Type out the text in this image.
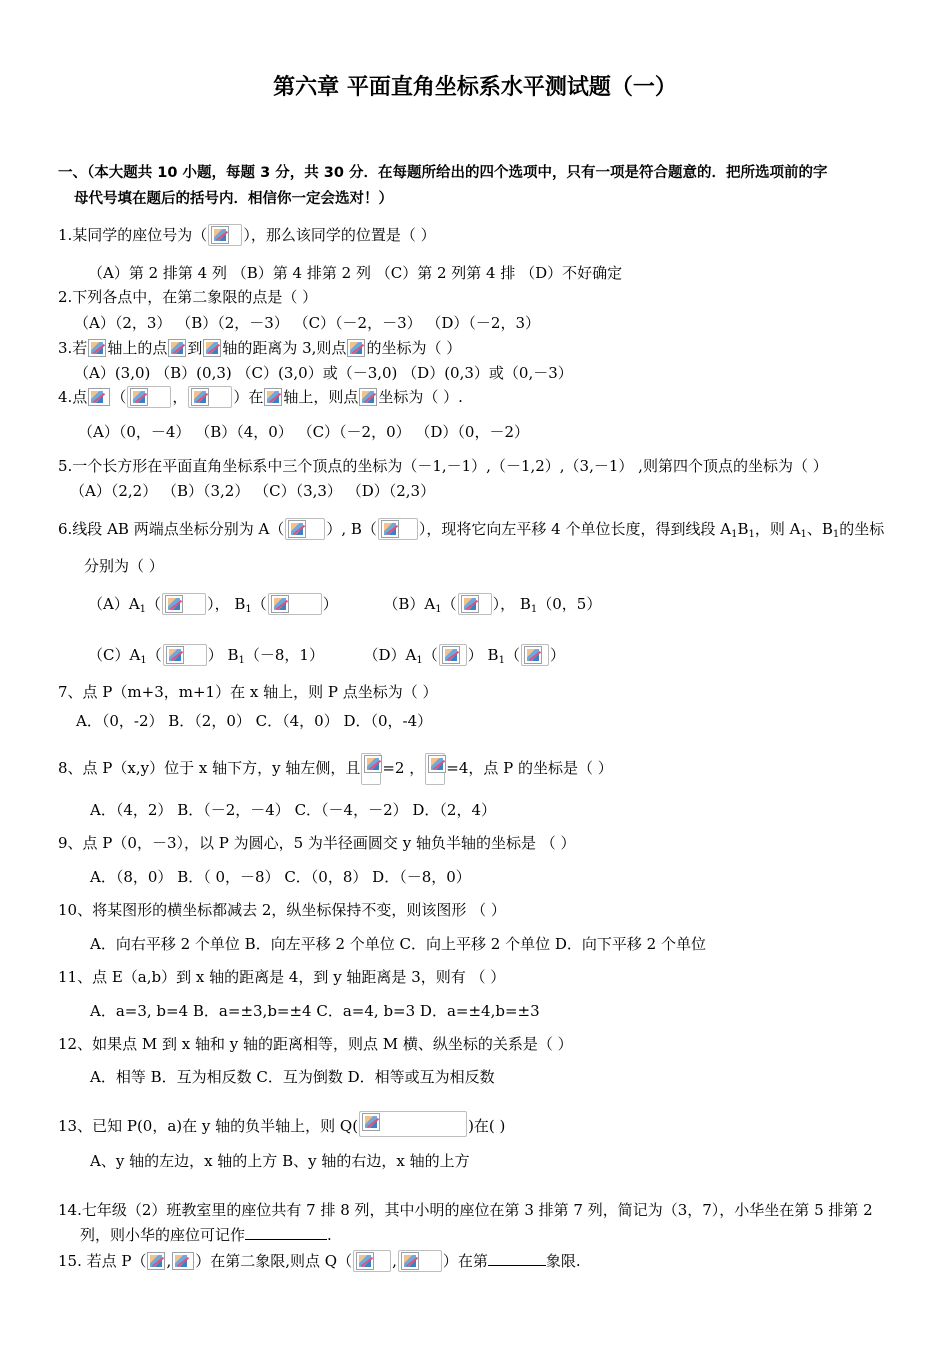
第六章 平面直角坐标系水平测试题（一）
一、（本大题共 10 小题，每题 3 分，共 30 分．在每题所给出的四个选项中，只有一项是符合题意的．把所选项前的字
母代号填在题后的括号内．相信你一定会选对！）
1.某同学的座位号为（ ），那么该同学的位置是（ ）
（A）第 2 排第 4 列 （B）第 4 排第 2 列 （C）第 2 列第 4 排 （D）不好确定
2.下列各点中，在第二象限的点是（ ）
（A）（2，3） （B）（2，－3） （C）（－2，－3） （D）（－2，3）
3.若 轴上的点 到 轴的距离为 3,则点 的坐标为（ ）
（A）(3,0) （B）(0,3) （C）(3,0）或（－3,0) （D）(0,3）或（0,－3）
4.点 （	，	）在 轴上，则点 坐标为（ ）.
（A）（0，－4） （B）（4，0） （C）（－2，0） （D）（0，－2）
5.一个长方形在平面直角坐标系中三个顶点的坐标为（－1,－1）,（－1,2）,（3,－1） ,则第四个顶点的坐标为（ ）
（A）（2,2） （B）（3,2） （C）（3,3） （D）（2,3）
6.线段 AB 两端点坐标分别为 A（	）, B（	），现将它向左平移 4 个单位长度，得到线段 $A_1B_1$，则 $A_1$、$B_1$的坐标
分别为（ ）
$(A)A_1$（	）， $B_1$（	）	$(B)A_1$（ ）， $B_1(0$，5）
$(C)A_1$（	） $B_1(-8$，1）	$(D)A_1$（ ） $B_1$（ ）
7、点 P（m+3，m+1）在 x 轴上，则 P 点坐标为（ ）
A．（0，-2） B．（2，0） C．（4，0） D．（0，-4）
8、点 P（x,y）位于 x 轴下方，y 轴左侧，且 =2 ， =4，点 P 的坐标是（ ）
A．（4，2） B．（－2，－4） C．（－4，－2） D．（2，4）
9、点 P（0，－3），以 P 为圆心，5 为半径画圆交 y 轴负半轴的坐标是 （ ）
A．（8，0） B．（ 0，－8） C．（0，8） D．（－8，0）
10、将某图形的横坐标都减去 2，纵坐标保持不变，则该图形 （ ）
A．向右平移 2 个单位 B．向左平移 2 个单位 C．向上平移 2 个单位 D．向下平移 2 个单位
11、点 E（a,b）到 x 轴的距离是 4，到 y 轴距离是 3，则有 （ ）
A．a=3, b=4 B．a=±3,b=±4 C．a=4, b=3 D．a=±4,b=±3
12、如果点 M 到 x 轴和 y 轴的距离相等，则点 M 横、纵坐标的关系是（ ）
A．相等 B．互为相反数 C．互为倒数 D．相等或互为相反数
13、已知 P(0，a)在 y 轴的负半轴上，则 Q(	)在( )
A、y 轴的左边，x 轴的上方 B、y 轴的右边，x 轴的上方
14.七年级（2）班教室里的座位共有 7 排 8 列，其中小明的座位在第 3 排第 7 列，简记为（3，7），小华坐在第 5 排第 2
列，则小华的座位可记作	.
15. 若点 P（ , ）在第二象限,则点 Q（	,	）在第	象限.
